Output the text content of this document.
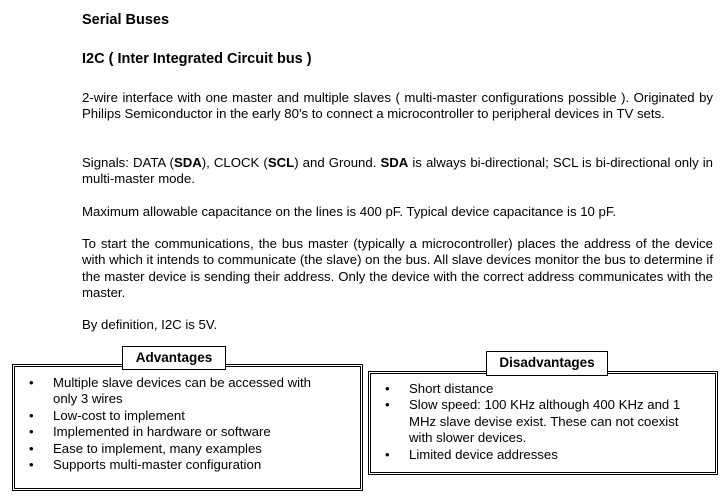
Serial Buses
I2C ( Inter Integrated Circuit bus )

2-wire interface with one master and multiple slaves ( multi-master configurations possible ). Originated by Philips Semiconductor in the early 80's to connect a microcontroller to peripheral devices in TV sets.

Signals: DATA (SDA), CLOCK (SCL) and Ground. SDA is always bi-directional; SCL is bi-directional only in multi-master mode.

Maximum allowable capacitance on the lines is 400 pF. Typical device capacitance is 10 pF.

To start the communications, the bus master (typically a microcontroller) places the address of the device with which it intends to communicate (the slave) on the bus. All slave devices monitor the bus to determine if the master device is sending their address. Only the device with the correct address communicates with the master.

By definition, I2C is 5V.

• Multiple slave devices can be accessed with only 3 wires
• Low-cost to implement
• Implemented in hardware or software
• Ease to implement, many examples
• Supports multi-master configuration
Advantages
• Short distance
• Slow speed: 100 KHz although 400 KHz and 1 MHz slave devise exist. These can not coexist with slower devices.
• Limited device addresses
Disadvantages
